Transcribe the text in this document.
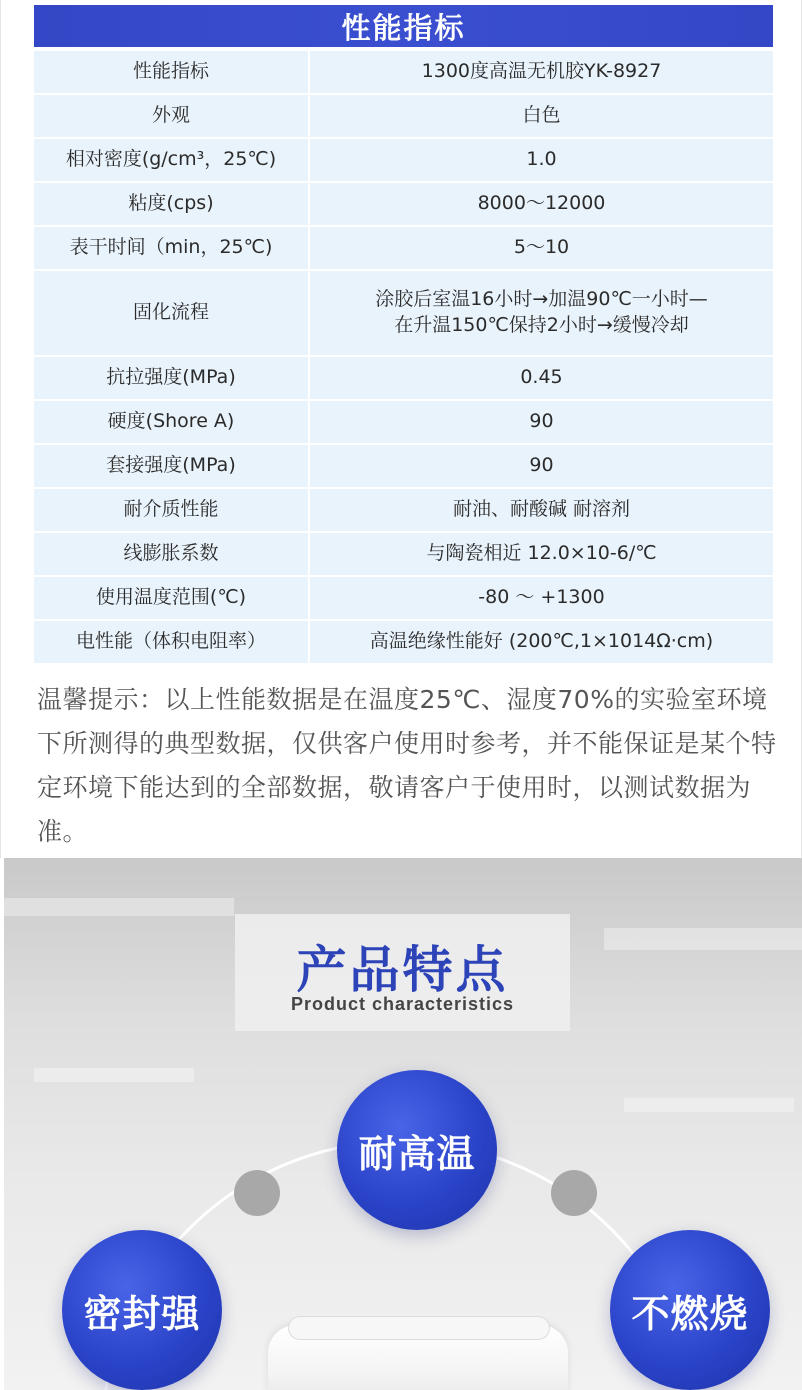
性能指标
性能指标	1300度高温无机胶YK-8927
外观	白色
相对密度(g/cm³，25℃)	1.0
粘度(cps)	8000～12000
表干时间（min，25℃)	5～10
固化流程	涂胶后室温16小时→加温90℃一小时—
在升温150℃保持2小时→缓慢冷却

抗拉强度(MPa)	0.45
硬度(Shore A)	90
套接强度(MPa)	90
耐介质性能	耐油、耐酸碱 耐溶剂
线膨胀系数	与陶瓷相近 12.0×10-6/℃
使用温度范围(℃)	-80 ～ +1300
电性能（体积电阻率）	高温绝缘性能好 (200℃,1×1014Ω·cm)

温馨提示：以上性能数据是在温度25℃、湿度70%的实验室环境下所测得的典型数据，仅供客户使用时参考，并不能保证是某个特定环境下能达到的全部数据，敬请客户于使用时，以测试数据为准。

产品特点
Product characteristics
耐高温
密封强	不燃烧
